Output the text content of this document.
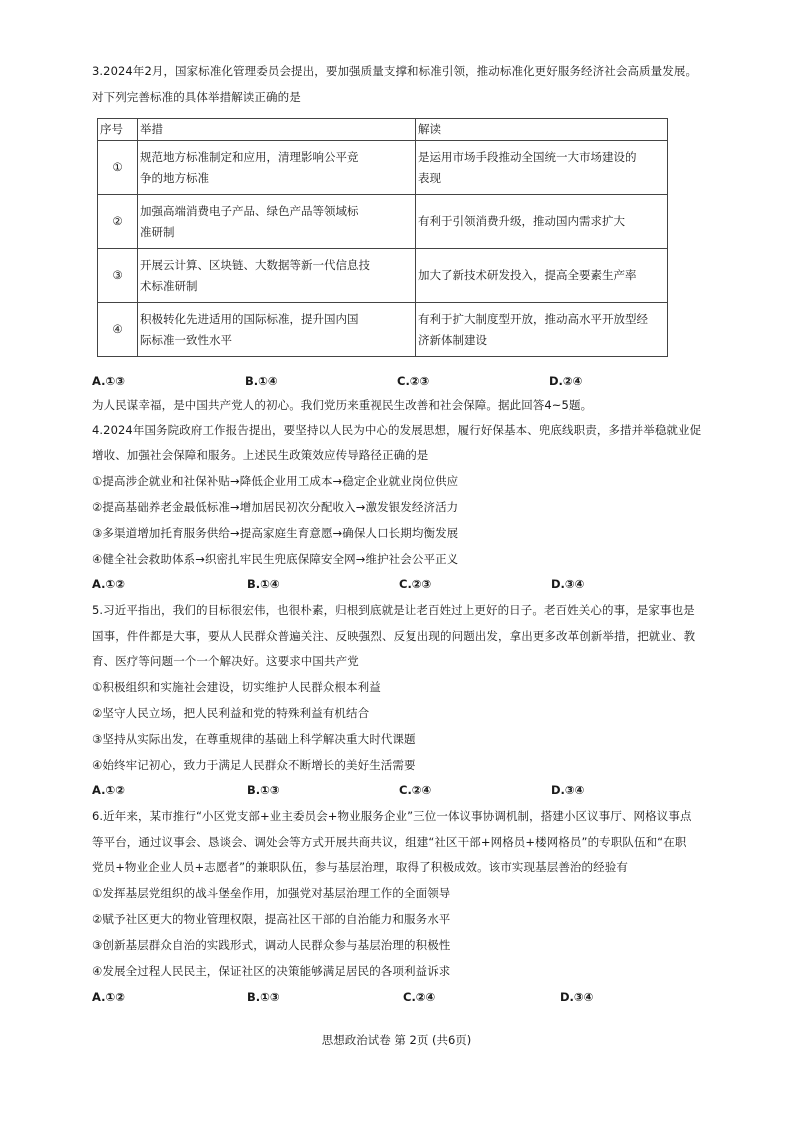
3.2024年2月，国家标准化管理委员会提出，要加强质量支撑和标准引领，推动标准化更好服务经济社会高质量发展。
对下列完善标准的具体举措解读正确的是
序号	举措	解读
①	规范地方标准制定和应用，清理影响公平竞
争的地方标准	是运用市场手段推动全国统一大市场建设的
表现

②	加强高端消费电子产品、绿色产品等领域标
准研制	有利于引领消费升级，推动国内需求扩大

③	开展云计算、区块链、大数据等新一代信息技
术标准研制	加大了新技术研发投入，提高全要素生产率

④	积极转化先进适用的国际标准，提升国内国
际标准一致性水平	有利于扩大制度型开放，推动高水平开放型经
济新体制建设
A.①③	B.①④	C.②③	D.②④
为人民谋幸福，是中国共产党人的初心。我们党历来重视民生改善和社会保障。据此回答4~5题。
4.2024年国务院政府工作报告提出，要坚持以人民为中心的发展思想，履行好保基本、兜底线职责，多措并举稳就业促
增收、加强社会保障和服务。上述民生政策效应传导路径正确的是
①提高涉企就业和社保补贴→降低企业用工成本→稳定企业就业岗位供应
②提高基础养老金最低标准→增加居民初次分配收入→激发银发经济活力
③多渠道增加托育服务供给→提高家庭生育意愿→确保人口长期均衡发展
④健全社会救助体系→织密扎牢民生兜底保障安全网→维护社会公平正义
A.①②	B.①④	C.②③	D.③④
5.习近平指出，我们的目标很宏伟，也很朴素，归根到底就是让老百姓过上更好的日子。老百姓关心的事，是家事也是
国事，件件都是大事，要从人民群众普遍关注、反映强烈、反复出现的问题出发，拿出更多改革创新举措，把就业、教
育、医疗等问题一个一个解决好。这要求中国共产党
①积极组织和实施社会建设，切实维护人民群众根本利益
②坚守人民立场，把人民利益和党的特殊利益有机结合
③坚持从实际出发，在尊重规律的基础上科学解决重大时代课题
④始终牢记初心，致力于满足人民群众不断增长的美好生活需要
A.①②	B.①③	C.②④	D.③④
6.近年来，某市推行“小区党支部+业主委员会+物业服务企业”三位一体议事协调机制，搭建小区议事厅、网格议事点
等平台，通过议事会、恳谈会、调处会等方式开展共商共议，组建“社区干部+网格员+楼网格员”的专职队伍和“在职
党员+物业企业人员+志愿者”的兼职队伍，参与基层治理，取得了积极成效。该市实现基层善治的经验有
①发挥基层党组织的战斗堡垒作用，加强党对基层治理工作的全面领导
②赋予社区更大的物业管理权限，提高社区干部的自治能力和服务水平
③创新基层群众自治的实践形式，调动人民群众参与基层治理的积极性
④发展全过程人民民主，保证社区的决策能够满足居民的各项利益诉求
A.①②	B.①③	C.②④	D.③④
思想政治试卷 第 2页 (共6页)
